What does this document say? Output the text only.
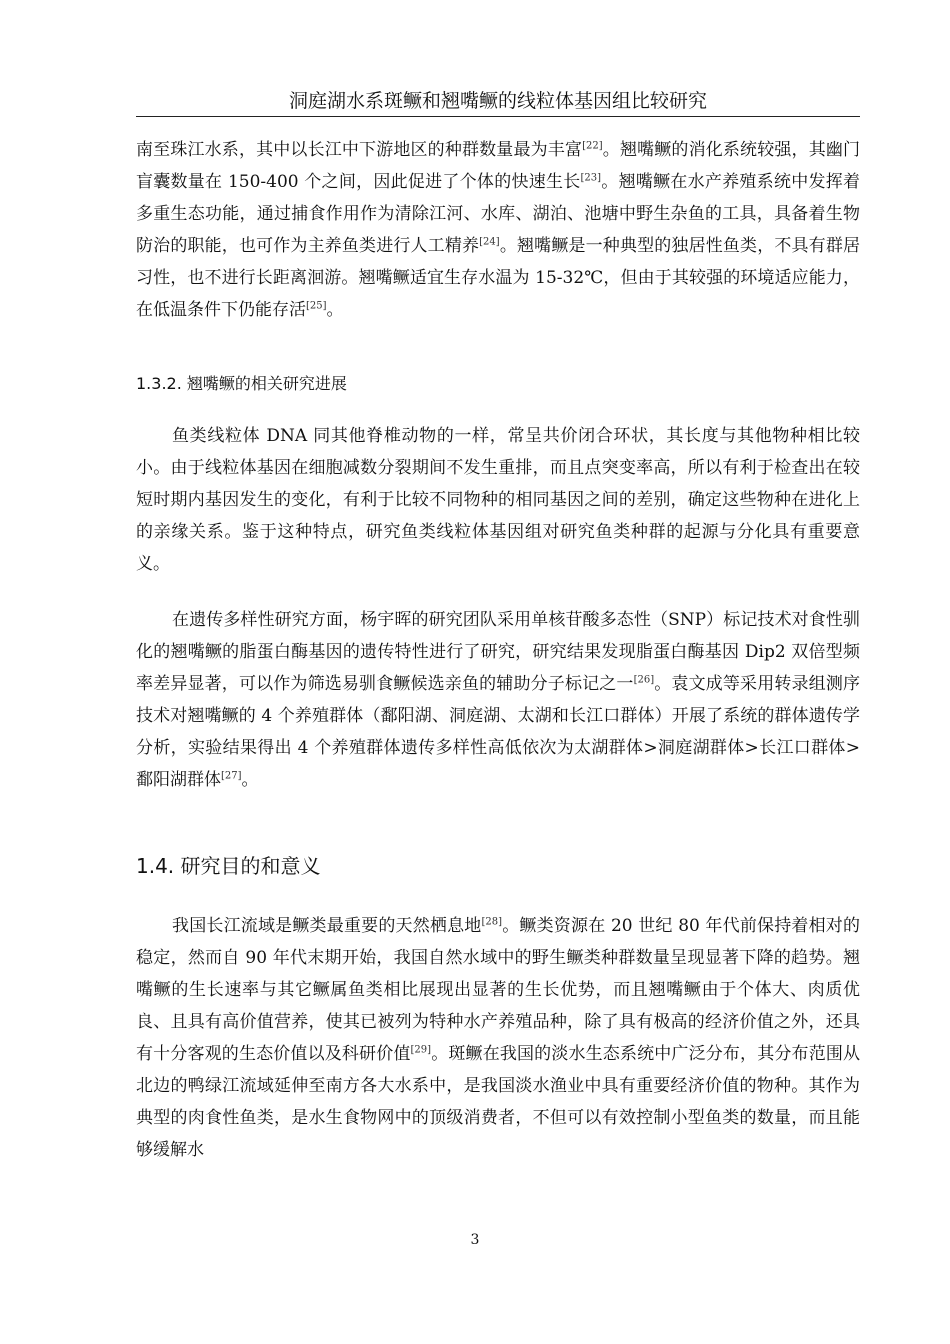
洞庭湖水系斑鳜和翘嘴鳜的线粒体基因组比较研究

南至珠江水系，其中以长江中下游地区的种群数量最为丰富[22]。翘嘴鳜的消化系统较强，其幽门盲囊数量在 150-400 个之间，因此促进了个体的快速生长[23]。翘嘴鳜在水产养殖系统中发挥着多重生态功能，通过捕食作用作为清除江河、水库、湖泊、池塘中野生杂鱼的工具，具备着生物防治的职能，也可作为主养鱼类进行人工精养[24]。翘嘴鳜是一种典型的独居性鱼类，不具有群居习性，也不进行长距离洄游。翘嘴鳜适宜生存水温为 15-32℃，但由于其较强的环境适应能力，在低温条件下仍能存活[25]。

1.3.2. 翘嘴鳜的相关研究进展

鱼类线粒体 DNA 同其他脊椎动物的一样，常呈共价闭合环状，其长度与其他物种相比较小。由于线粒体基因在细胞减数分裂期间不发生重排，而且点突变率高，所以有利于检查出在较短时期内基因发生的变化，有利于比较不同物种的相同基因之间的差别，确定这些物种在进化上的亲缘关系。鉴于这种特点，研究鱼类线粒体基因组对研究鱼类种群的起源与分化具有重要意义。

在遗传多样性研究方面，杨宇晖的研究团队采用单核苷酸多态性（SNP）标记技术对食性驯化的翘嘴鳜的脂蛋白酶基因的遗传特性进行了研究，研究结果发现脂蛋白酶基因 Dip2 双倍型频率差异显著，可以作为筛选易驯食鳜候选亲鱼的辅助分子标记之一[26]。袁文成等采用转录组测序技术对翘嘴鳜的 4 个养殖群体（鄱阳湖、洞庭湖、太湖和长江口群体）开展了系统的群体遗传学分析，实验结果得出 4 个养殖群体遗传多样性高低依次为太湖群体>洞庭湖群体>长江口群体>鄱阳湖群体[27]。

1.4. 研究目的和意义

我国长江流域是鳜类最重要的天然栖息地[28]。鳜类资源在 20 世纪 80 年代前保持着相对的稳定，然而自 90 年代末期开始，我国自然水域中的野生鳜类种群数量呈现显著下降的趋势。翘嘴鳜的生长速率与其它鳜属鱼类相比展现出显著的生长优势，而且翘嘴鳜由于个体大、肉质优良、且具有高价值营养，使其已被列为特种水产养殖品种，除了具有极高的经济价值之外，还具有十分客观的生态价值以及科研价值[29]。斑鳜在我国的淡水生态系统中广泛分布，其分布范围从北边的鸭绿江流域延伸至南方各大水系中，是我国淡水渔业中具有重要经济价值的物种。其作为典型的肉食性鱼类，是水生食物网中的顶级消费者，不但可以有效控制小型鱼类的数量，而且能够缓解水

3
